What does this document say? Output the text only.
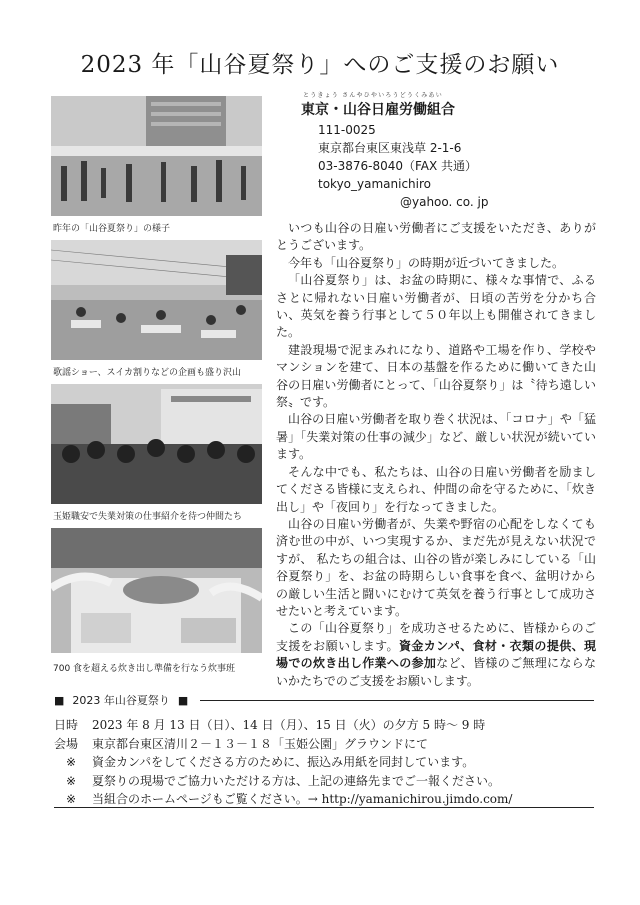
2023 年「山谷夏祭り」へのご支援のお願い
昨年の「山谷夏祭り」の様子
歌謡ショー、スイカ割りなどの企画も盛り沢山
玉姫職安で失業対策の仕事紹介を待つ仲間たち
700 食を超える炊き出し準備を行なう炊事班
とうきょう さんやひやいろうどうくみあい
東京・山谷日雇労働組合
111-0025
東京都台東区東浅草 2-1-6
03-3876-8040（FAX 共通）
tokyo_yamanichiro
@yahoo. co. jp

いつも山谷の日雇い労働者にご支援をいただき、ありがとうございます。

今年も「山谷夏祭り」の時期が近づいてきました。

「山谷夏祭り」は、お盆の時期に、様々な事情で、ふるさとに帰れない日雇い労働者が、日頃の苦労を分かち合い、英気を養う行事として５０年以上も開催されてきました。

建設現場で泥まみれになり、道路や工場を作り、学校やマンションを建て、日本の基盤を作るために働いてきた山谷の日雇い労働者にとって、「山谷夏祭り」は〝待ち遠しい祭〟です。

山谷の日雇い労働者を取り巻く状況は、「コロナ」や「猛暑」「失業対策の仕事の減少」など、厳しい状況が続いています。

そんな中でも、私たちは、山谷の日雇い労働者を励ましてくださる皆様に支えられ、仲間の命を守るために、「炊き出し」や「夜回り」を行なってきました。

山谷の日雇い労働者が、失業や野宿の心配をしなくても済む世の中が、いつ実現するか、まだ先が見えない状況ですが、 私たちの組合は、山谷の皆が楽しみにしている「山谷夏祭り」を、お盆の時期らしい食事を食べ、盆明けからの厳しい生活と闘いにむけて英気を養う行事として成功させたいと考えています。

この「山谷夏祭り」を成功させるために、皆様からのご支援をお願いします。資金カンパ、食材・衣類の提供、現場での炊き出し作業への参加など、皆様のご無理にならないかたちでのご支援をお願いします。

■ 2023 年山谷夏祭り ■
日時	2023 年 8 月 13 日（日）、14 日（月）、15 日（火）の夕方 5 時～ 9 時
会場	東京都台東区清川２－１３－１８「玉姫公園」グラウンドにて
※	資金カンパをしてくださる方のために、振込み用紙を同封しています。
※	夏祭りの現場でご協力いただける方は、上記の連絡先までご一報ください。
※	当組合のホームページもご覧ください。→ http://yamanichirou.jimdo.com/
